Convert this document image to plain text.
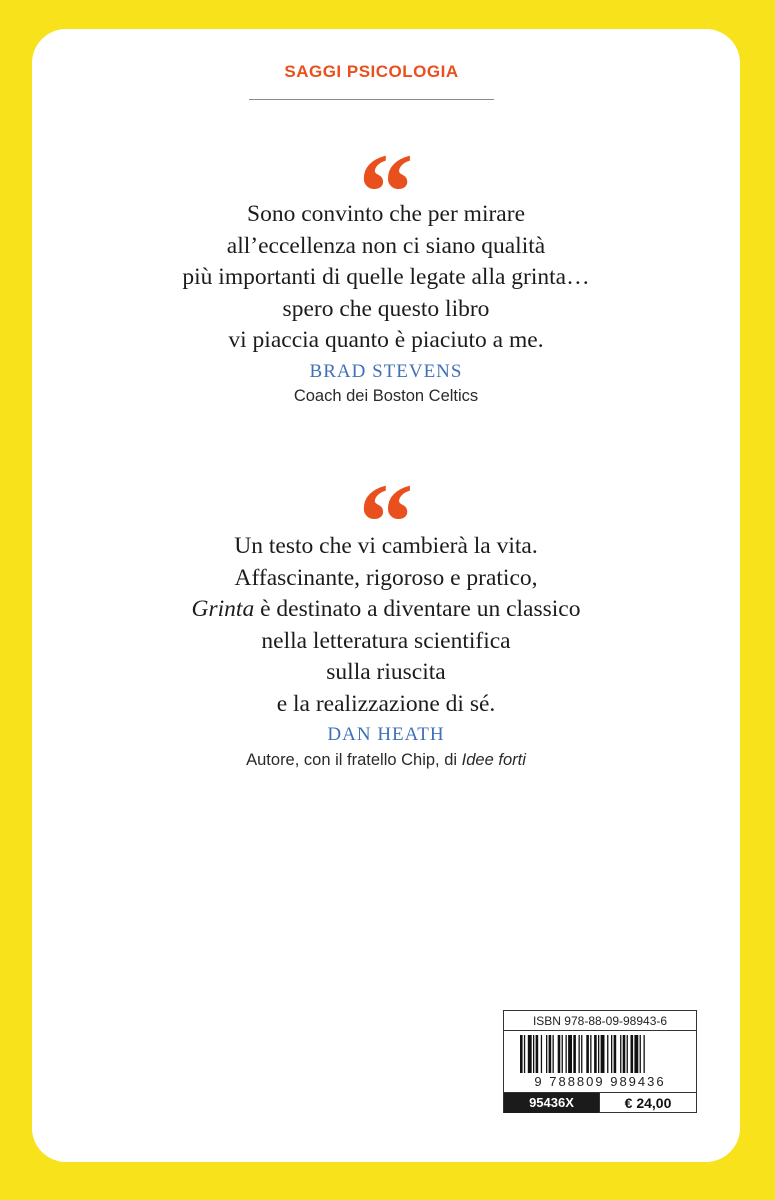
SAGGI PSICOLOGIA
“
Sono convinto che per mirare
all’eccellenza non ci siano qualità
più importanti di quelle legate alla grinta…
spero che questo libro
vi piaccia quanto è piaciuto a me.
BRAD STEVENS
Coach dei Boston Celtics
“
Un testo che vi cambierà la vita.
Affascinante, rigoroso e pratico,
Grinta è destinato a diventare un classico
nella letteratura scientifica
sulla riuscita
e la realizzazione di sé.
DAN HEATH
Autore, con il fratello Chip, di Idee forti
ISBN 978-88-09-98943-6
9 788809 989436
95436X	€ 24,00
